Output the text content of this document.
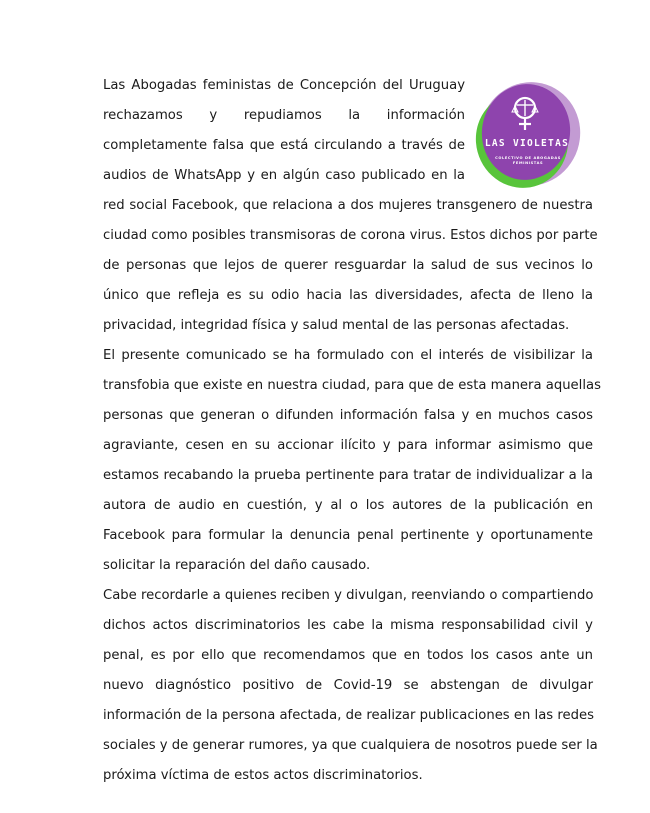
Las Abogadas feministas de Concepción del Uruguay
rechazamos y repudiamos la información
completamente falsa que está circulando a través de
audios de WhatsApp y en algún caso publicado en la
red social Facebook, que relaciona a dos mujeres transgenero de nuestra
ciudad como posibles transmisoras de corona virus. Estos dichos por parte
de personas que lejos de querer resguardar la salud de sus vecinos lo
único que refleja es su odio hacia las diversidades, afecta de lleno la
privacidad, integridad física y salud mental de las personas afectadas.
El presente comunicado se ha formulado con el interés de visibilizar la
transfobia que existe en nuestra ciudad, para que de esta manera aquellas
personas que generan o difunden información falsa y en muchos casos
agraviante, cesen en su accionar ilícito y para informar asimismo que
estamos recabando la prueba pertinente para tratar de individualizar a la
autora de audio en cuestión, y al o los autores de la publicación en
Facebook para formular la denuncia penal pertinente y oportunamente
solicitar la reparación del daño causado.
Cabe recordarle a quienes reciben y divulgan, reenviando o compartiendo
dichos actos discriminatorios les cabe la misma responsabilidad civil y
penal, es por ello que recomendamos que en todos los casos ante un
nuevo diagnóstico positivo de Covid-19 se abstengan de divulgar
información de la persona afectada, de realizar publicaciones en las redes
sociales y de generar rumores, ya que cualquiera de nosotros puede ser la
próxima víctima de estos actos discriminatorios.
LAS VIOLETAS
COLECTIVO DE ABOGADAS FEMINISTAS
